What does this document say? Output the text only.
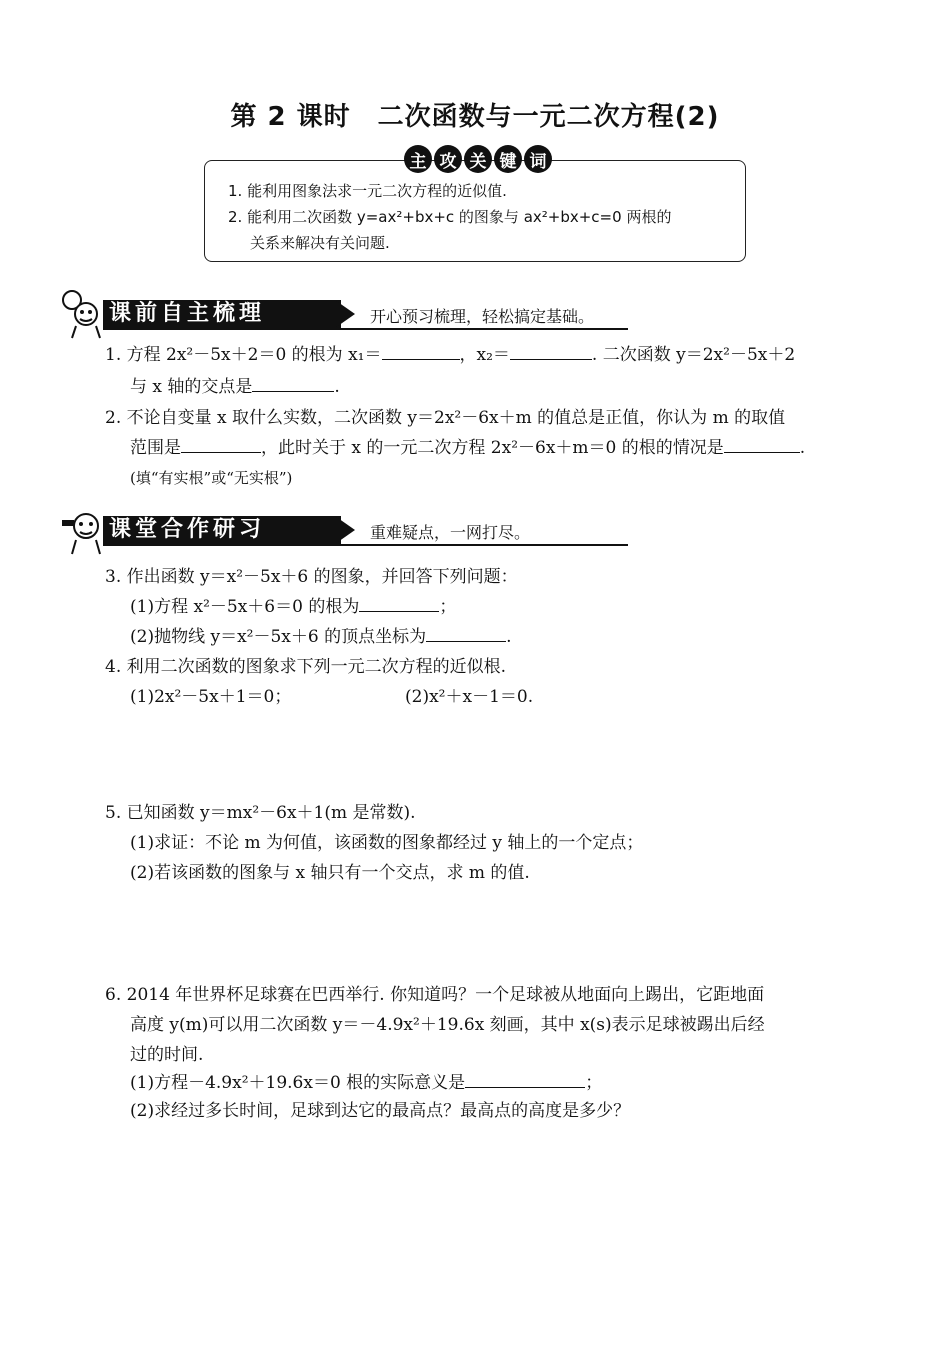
第 2 课时　二次函数与一元二次方程(2)
主 攻 关 键 词
1. 能利用图象法求一元二次方程的近似值.
2. 能利用二次函数 y=ax²+bx+c 的图象与 ax²+bx+c=0 两根的
关系来解决有关问题.
课前自主梳理	开心预习梳理，轻松搞定基础。
1. 方程 2x²－5x＋2＝0 的根为 x₁＝	，x₂＝	. 二次函数 y＝2x²－5x＋2
与 x 轴的交点是	.
2. 不论自变量 x 取什么实数，二次函数 y＝2x²－6x＋m 的值总是正值，你认为 m 的取值
范围是	，此时关于 x 的一元二次方程 2x²－6x＋m＝0 的根的情况是	.
(填“有实根”或“无实根”)
课堂合作研习	重难疑点，一网打尽。
3. 作出函数 y＝x²－5x＋6 的图象，并回答下列问题：
(1)方程 x²－5x＋6＝0 的根为	；
(2)抛物线 y＝x²－5x＋6 的顶点坐标为	.
4. 利用二次函数的图象求下列一元二次方程的近似根.
(1)2x²－5x＋1＝0；	(2)x²＋x－1＝0.
5. 已知函数 y＝mx²－6x＋1(m 是常数).
(1)求证：不论 m 为何值，该函数的图象都经过 y 轴上的一个定点；
(2)若该函数的图象与 x 轴只有一个交点，求 m 的值.
6. 2014 年世界杯足球赛在巴西举行. 你知道吗？一个足球被从地面向上踢出，它距地面
高度 y(m)可以用二次函数 y＝－4.9x²＋19.6x 刻画，其中 x(s)表示足球被踢出后经
过的时间.
(1)方程－4.9x²＋19.6x＝0 根的实际意义是	；
(2)求经过多长时间，足球到达它的最高点？最高点的高度是多少？
